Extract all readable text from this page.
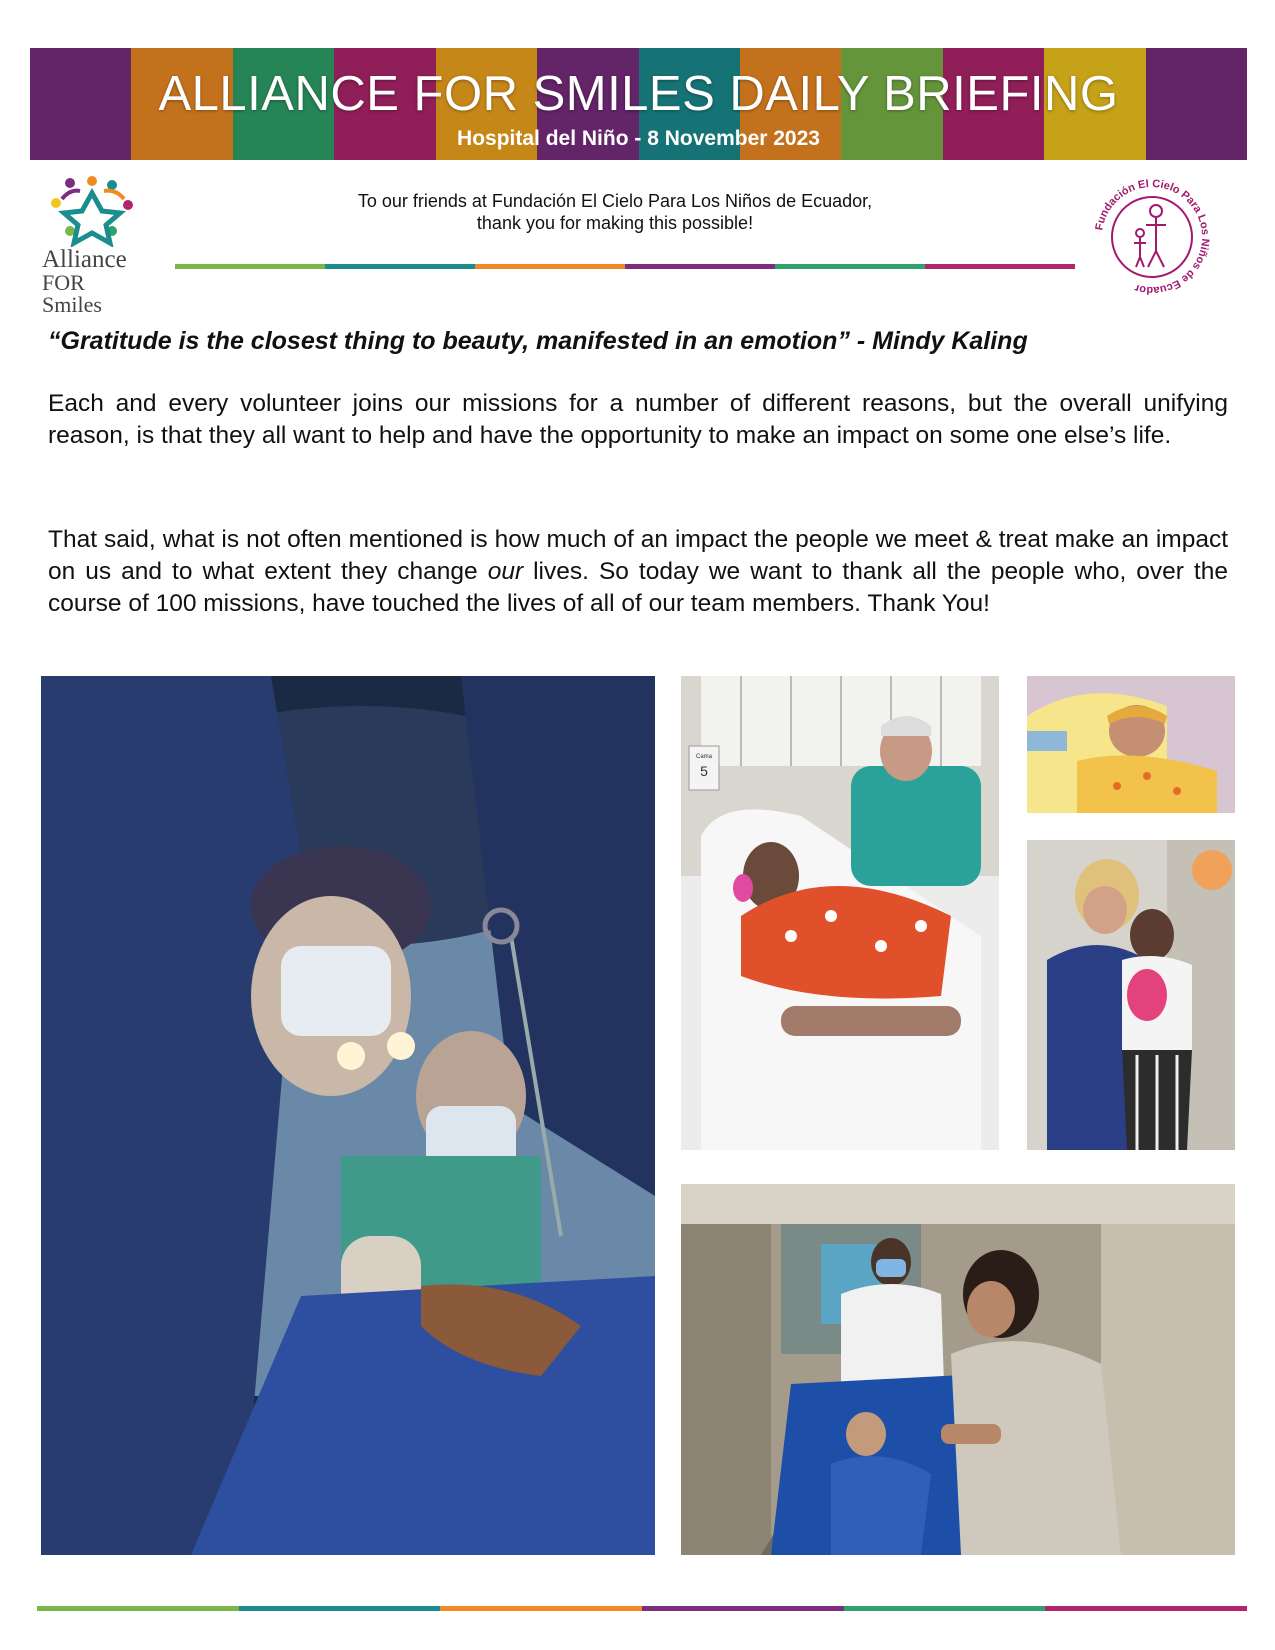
ALLIANCE FOR SMILES DAILY BRIEFING
Hospital del Niño - 8 November 2023
Alliance
FOR Smiles
To our friends at Fundación El Cielo Para Los Niños de Ecuador,
thank you for making this possible!	Fundación El Cielo Para Los Niños de Ecuador
“Gratitude is the closest thing to beauty, manifested in an emotion” - Mindy Kaling

Each and every volunteer joins our missions for a number of different reasons, but the overall unifying reason, is that they all want to help and have the opportunity to make an impact on some one else’s life.

That said, what is not often mentioned is how much of an impact the people we meet & treat make an impact on us and to what extent they change our lives. So today we want to thank all the people who, over the course of 100 missions, have touched the lives of all of our team members. Thank You!

Cama
5
